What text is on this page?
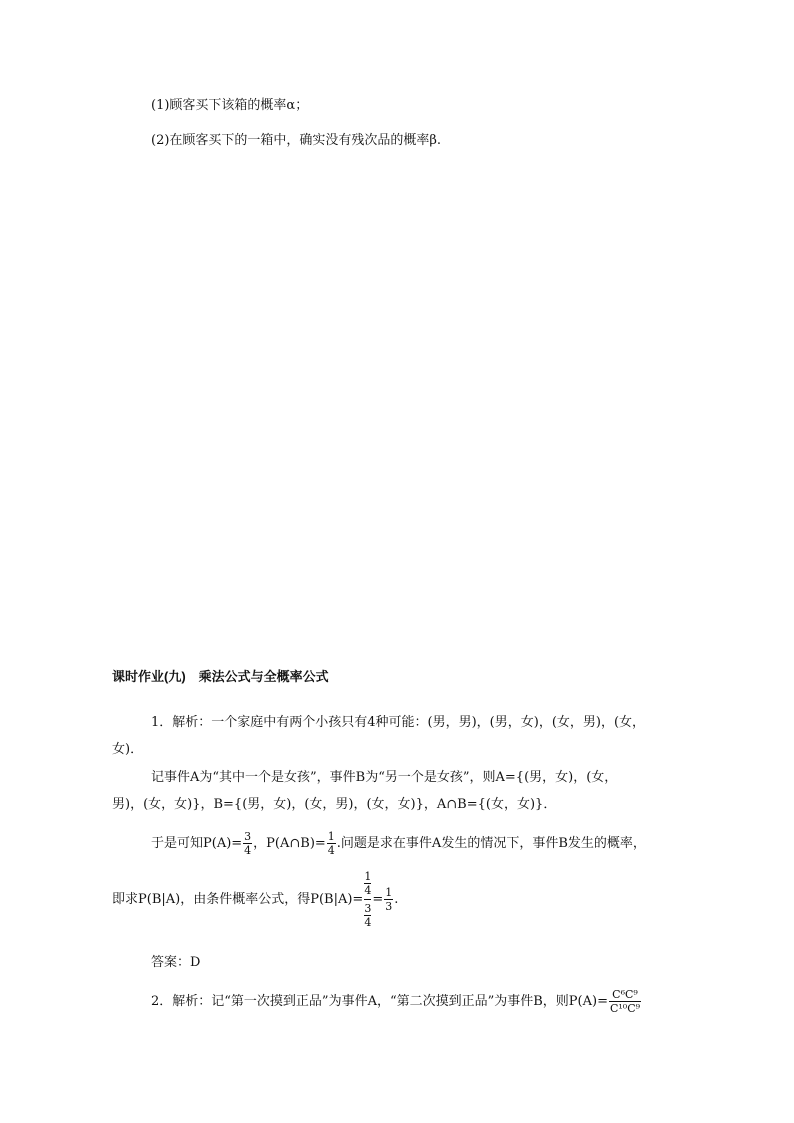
(1)顾客买下该箱的概率α；
(2)在顾客买下的一箱中，确实没有残次品的概率β.
课时作业(九)　乘法公式与全概率公式
1．解析：一个家庭中有两个小孩只有4种可能：(男，男)，(男，女)，(女，男)，(女，
女)．
记事件A为“其中一个是女孩”，事件B为“另一个是女孩”，则A={(男，女)，(女，
男)，(女，女)}，B={(男，女)，(女，男)，(女，女)}，A∩B={(女，女)}．
于是可知$P(A)= \frac{3}{4}$ ，P(A∩B)= $\frac{1}{4}$ .问题是求在事件A发生的情况下，事件B发生的概率，
即求P(B|A)，由条件概率公式，得$P(B|A)= \frac{\frac{1}{4}}{\frac{3}{4}} = \frac{1}{3}$ .
答案：D
2．解析：记“第一次摸到正品”为事件A，“第二次摸到正品”为事件B，则$P(A)= \frac{\text{C⁶C⁹}}{\text{C¹⁰C⁹}}$
